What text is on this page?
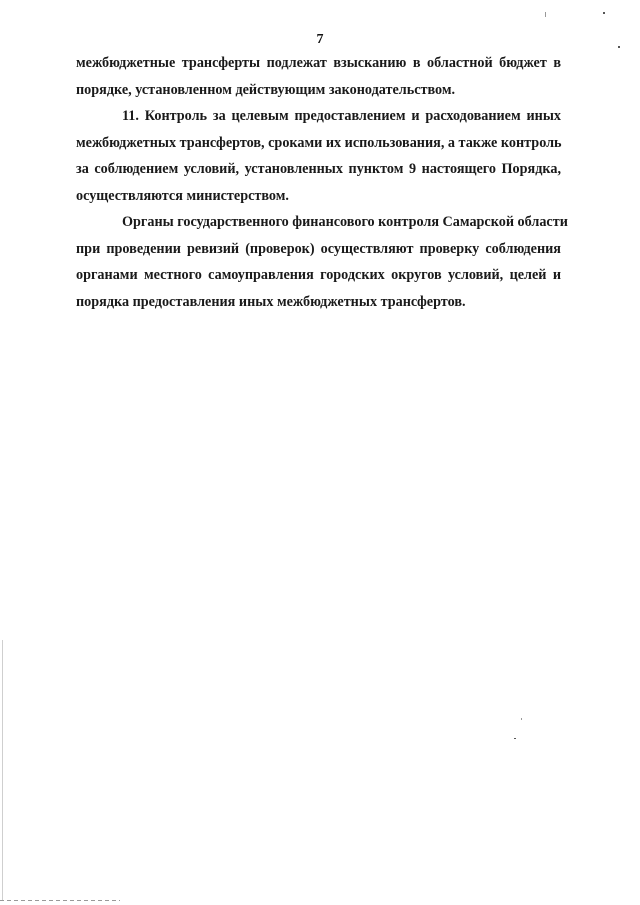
7

межбюджетные трансферты подлежат взысканию в областной бюджет в
порядке, установленном действующим законодательством.

11. Контроль за целевым предоставлением и расходованием иных
межбюджетных трансфертов, сроками их использования, а также контроль
за соблюдением условий, установленных пунктом 9 настоящего Порядка,
осуществляются министерством.

Органы государственного финансового контроля Самарской области
при проведении ревизий (проверок) осуществляют проверку соблюдения
органами местного самоуправления городских округов условий, целей и
порядка предоставления иных межбюджетных трансфертов.
